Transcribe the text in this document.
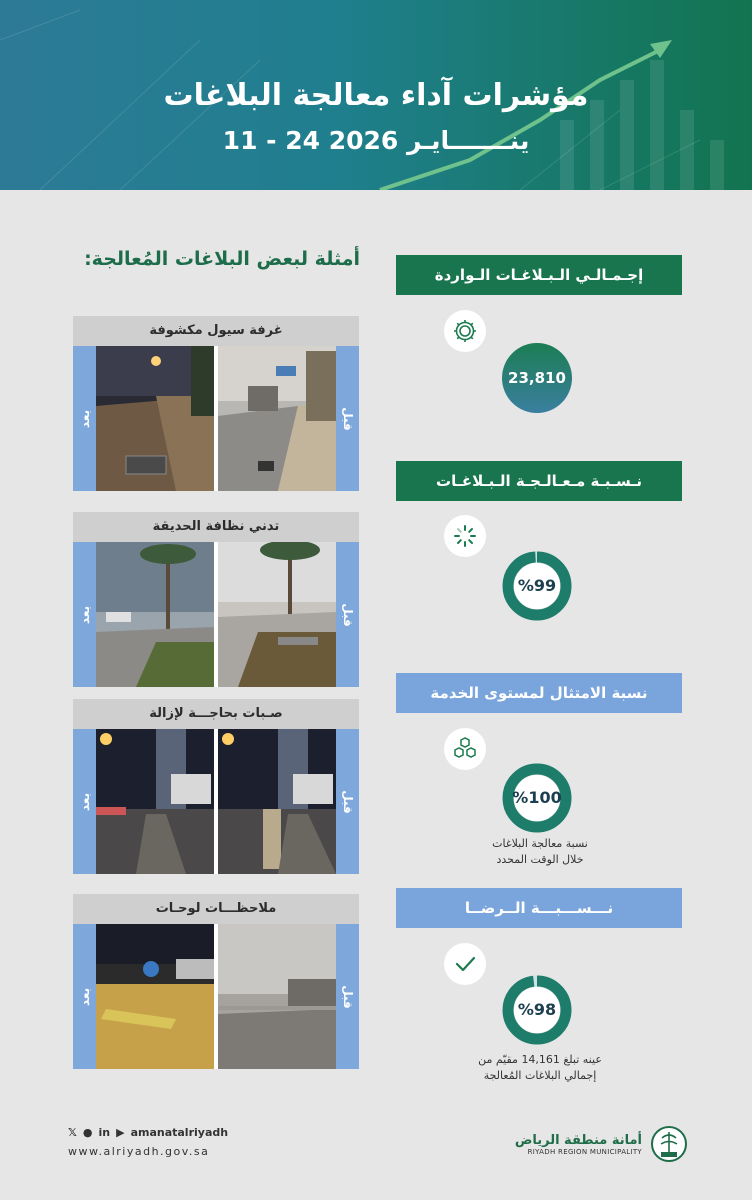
مؤشرات آداء معالجة البلاغات
11 - 24 ينـــــــايـر 2026
أمثلة لبعض البلاغات المُعالجة:
غرفة سيول مكشوفة
بعد	قبل
تدني نظافة الحديقة
بعد	قبل
صـبات بحاجـــة لإزالة
بعد	قبل
ملاحظـــات لوحـات
بعد	قبل
إجـمـالـي الـبـلاغـات الـواردة
23,810
نـسـبـة مـعـالـجـة الـبـلاغـات
%99
نسبة الامتثال لمستوى الخدمة
%100
نسبة معالجة البلاغات
خلال الوقت المحدد
نـــســـبـــة الــرضــا
%98
عينه تبلغ 14,161 مقيّم من
إجمالي البلاغات المُعالجة
𝕏 ● in ▶ amanatalriyadh
www.alriyadh.gov.sa
أمانة منطقة الرياض
RIYADH REGION MUNICIPALITY
